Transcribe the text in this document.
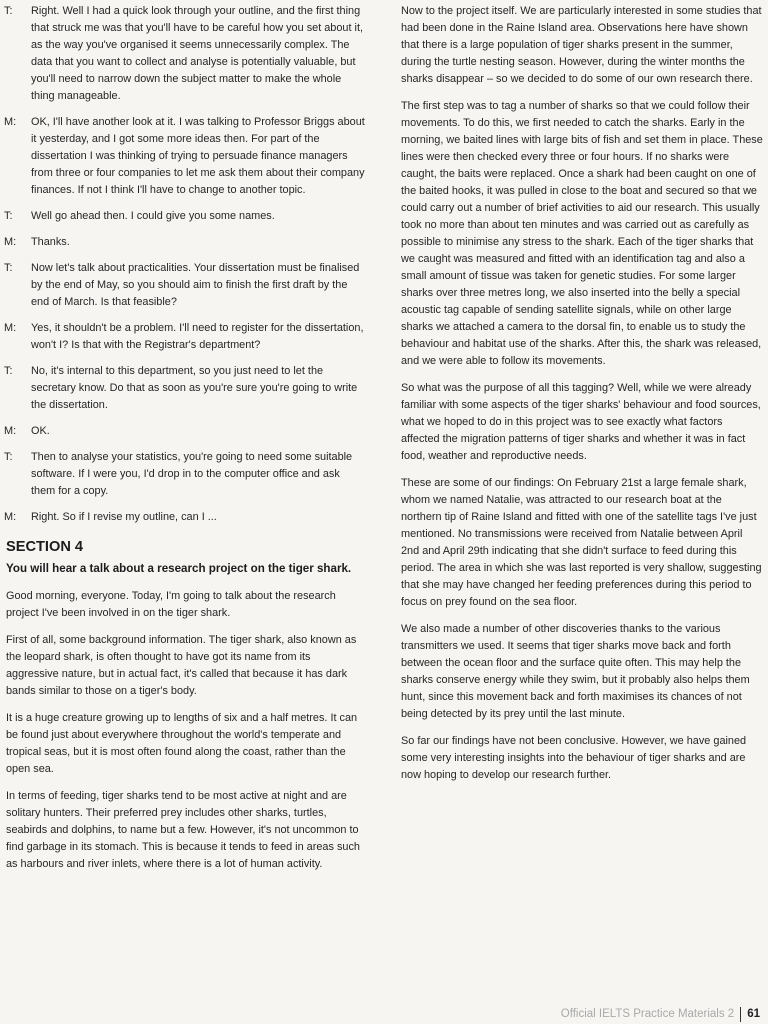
T:	Right. Well I had a quick look through your outline, and the first thing that struck me was that you'll have to be careful how you set about it, as the way you've organised it seems unnecessarily complex. The data that you want to collect and analyse is potentially valuable, but you'll need to narrow down the subject matter to make the whole thing manageable.
M:	OK, I'll have another look at it. I was talking to Professor Briggs about it yesterday, and I got some more ideas then. For part of the dissertation I was thinking of trying to persuade finance managers from three or four companies to let me ask them about their company finances. If not I think I'll have to change to another topic.
T:	Well go ahead then. I could give you some names.
M:	Thanks.
T:	Now let's talk about practicalities. Your dissertation must be finalised by the end of May, so you should aim to finish the first draft by the end of March. Is that feasible?
M:	Yes, it shouldn't be a problem. I'll need to register for the dissertation, won't I? Is that with the Registrar's department?
T:	No, it's internal to this department, so you just need to let the secretary know. Do that as soon as you're sure you're going to write the dissertation.
M:	OK.
T:	Then to analyse your statistics, you're going to need some suitable software. If I were you, I'd drop in to the computer office and ask them for a copy.
M:	Right. So if I revise my outline, can I ...
SECTION 4
You will hear a talk about a research project on the tiger shark.

Good morning, everyone. Today, I'm going to talk about the research project I've been involved in on the tiger shark.

First of all, some background information. The tiger shark, also known as the leopard shark, is often thought to have got its name from its aggressive nature, but in actual fact, it's called that because it has dark bands similar to those on a tiger's body.

It is a huge creature growing up to lengths of six and a half metres. It can be found just about everywhere throughout the world's temperate and tropical seas, but it is most often found along the coast, rather than the open sea.

In terms of feeding, tiger sharks tend to be most active at night and are solitary hunters. Their preferred prey includes other sharks, turtles, seabirds and dolphins, to name but a few. However, it's not uncommon to find garbage in its stomach. This is because it tends to feed in areas such as harbours and river inlets, where there is a lot of human activity.

Now to the project itself. We are particularly interested in some studies that had been done in the Raine Island area. Observations here have shown that there is a large population of tiger sharks present in the summer, during the turtle nesting season. However, during the winter months the sharks disappear – so we decided to do some of our own research there.

The first step was to tag a number of sharks so that we could follow their movements. To do this, we first needed to catch the sharks. Early in the morning, we baited lines with large bits of fish and set them in place. These lines were then checked every three or four hours. If no sharks were caught, the baits were replaced. Once a shark had been caught on one of the baited hooks, it was pulled in close to the boat and secured so that we could carry out a number of brief activities to aid our research. This usually took no more than about ten minutes and was carried out as carefully as possible to minimise any stress to the shark. Each of the tiger sharks that we caught was measured and fitted with an identification tag and also a small amount of tissue was taken for genetic studies. For some larger sharks over three metres long, we also inserted into the belly a special acoustic tag capable of sending satellite signals, while on other large sharks we attached a camera to the dorsal fin, to enable us to study the behaviour and habitat use of the sharks. After this, the shark was released, and we were able to follow its movements.

So what was the purpose of all this tagging? Well, while we were already familiar with some aspects of the tiger sharks' behaviour and food sources, what we hoped to do in this project was to see exactly what factors affected the migration patterns of tiger sharks and whether it was in fact food, weather and reproductive needs.

These are some of our findings: On February 21st a large female shark, whom we named Natalie, was attracted to our research boat at the northern tip of Raine Island and fitted with one of the satellite tags I've just mentioned. No transmissions were received from Natalie between April 2nd and April 29th indicating that she didn't surface to feed during this period. The area in which she was last reported is very shallow, suggesting that she may have changed her feeding preferences during this period to focus on prey found on the sea floor.

We also made a number of other discoveries thanks to the various transmitters we used. It seems that tiger sharks move back and forth between the ocean floor and the surface quite often. This may help the sharks conserve energy while they swim, but it probably also helps them hunt, since this movement back and forth maximises its chances of not being detected by its prey until the last minute.

So far our findings have not been conclusive. However, we have gained some very interesting insights into the behaviour of tiger sharks and are now hoping to develop our research further.

Official IELTS Practice Materials 2 61
